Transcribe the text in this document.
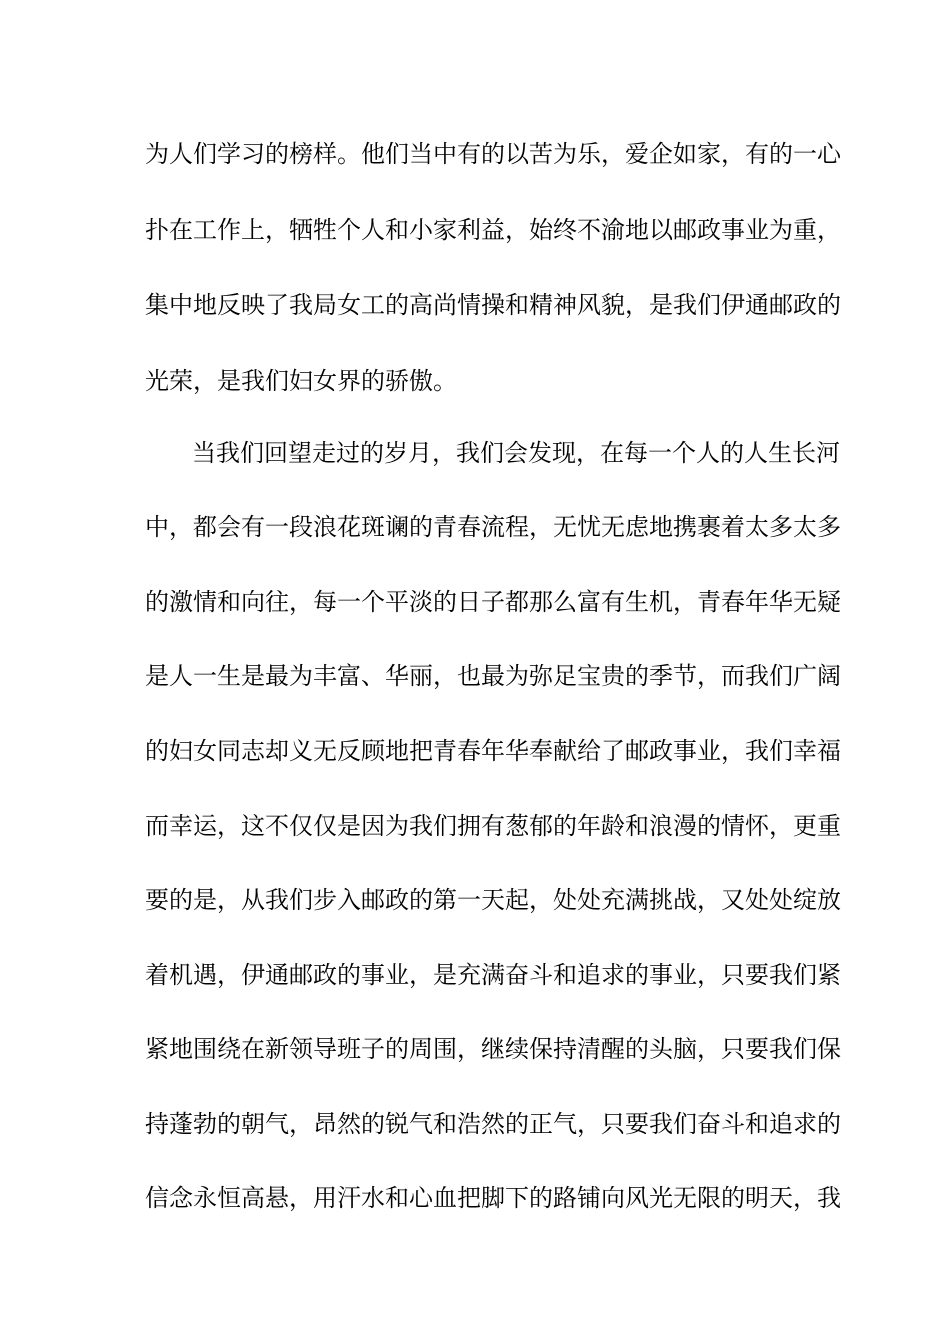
为人们学习的榜样。他们当中有的以苦为乐，爱企如家，有的一心
扑在工作上，牺牲个人和小家利益，始终不渝地以邮政事业为重，
集中地反映了我局女工的高尚情操和精神风貌，是我们伊通邮政的
光荣，是我们妇女界的骄傲。
当我们回望走过的岁月，我们会发现，在每一个人的人生长河
中，都会有一段浪花斑谰的青春流程，无忧无虑地携裹着太多太多
的激情和向往，每一个平淡的日子都那么富有生机，青春年华无疑
是人一生是最为丰富、华丽，也最为弥足宝贵的季节，而我们广阔
的妇女同志却义无反顾地把青春年华奉献给了邮政事业，我们幸福
而幸运，这不仅仅是因为我们拥有葱郁的年龄和浪漫的情怀，更重
要的是，从我们步入邮政的第一天起，处处充满挑战，又处处绽放
着机遇，伊通邮政的事业，是充满奋斗和追求的事业，只要我们紧
紧地围绕在新领导班子的周围，继续保持清醒的头脑，只要我们保
持蓬勃的朝气，昂然的锐气和浩然的正气，只要我们奋斗和追求的
信念永恒高悬，用汗水和心血把脚下的路铺向风光无限的明天，我
